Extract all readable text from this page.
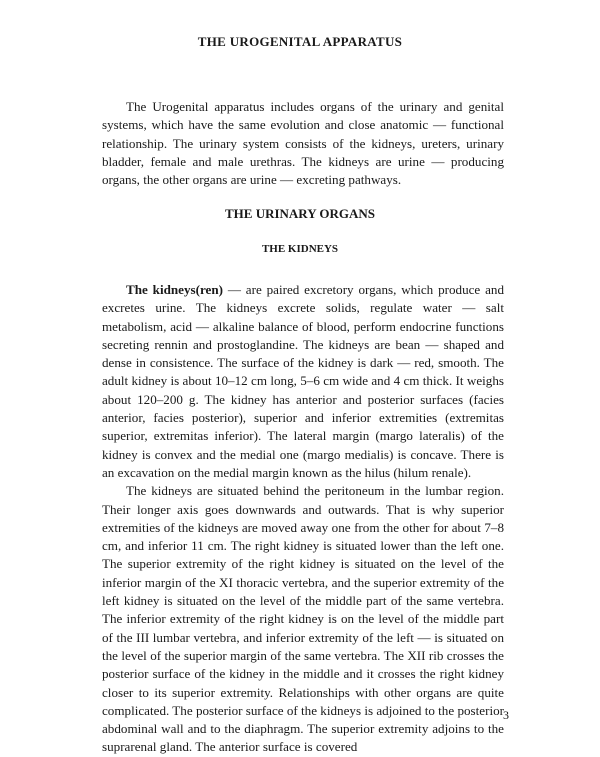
THE UROGENITAL APPARATUS

The Urogenital apparatus includes organs of the urinary and genital systems, which have the same evolution and close anatomic — functional relationship. The urinary system consists of the kidneys, ureters, urinary bladder, female and male urethras. The kidneys are urine — producing organs, the other organs are urine — excreting pathways.

THE URINARY ORGANS
THE KIDNEYS

The kidneys(ren) — are paired excretory organs, which produce and excretes urine. The kidneys excrete solids, regulate water — salt metabolism, acid — alkaline balance of blood, perform endocrine functions secreting rennin and prostoglandine. The kidneys are bean — shaped and dense in consistence. The surface of the kidney is dark — red, smooth. The adult kidney is about 10–12 cm long, 5–6 cm wide and 4 cm thick. It weighs about 120–200 g. The kidney has anterior and posterior surfaces (facies anterior, facies posterior), superior and inferior extremities (extremitas superior, extremitas inferior). The lateral margin (margo lateralis) of the kidney is convex and the medial one (margo medialis) is concave. There is an excavation on the medial margin known as the hilus (hilum renale).

The kidneys are situated behind the peritoneum in the lumbar region. Their longer axis goes downwards and outwards. That is why superior extremities of the kidneys are moved away one from the other for about 7–8 cm, and inferior 11 cm. The right kidney is situated lower than the left one. The superior extremity of the right kidney is situated on the level of the inferior margin of the XI thoracic vertebra, and the superior extremity of the left kidney is situated on the level of the middle part of the same vertebra. The inferior extremity of the right kidney is on the level of the middle part of the III lumbar vertebra, and inferior extremity of the left — is situated on the level of the superior margin of the same vertebra. The XII rib crosses the posterior surface of the kidney in the middle and it crosses the right kidney closer to its superior extremity. Relationships with other organs are quite complicated. The posterior surface of the kidneys is adjoined to the posterior abdominal wall and to the diaphragm. The superior extremity adjoins to the suprarenal gland. The anterior surface is covered

3
